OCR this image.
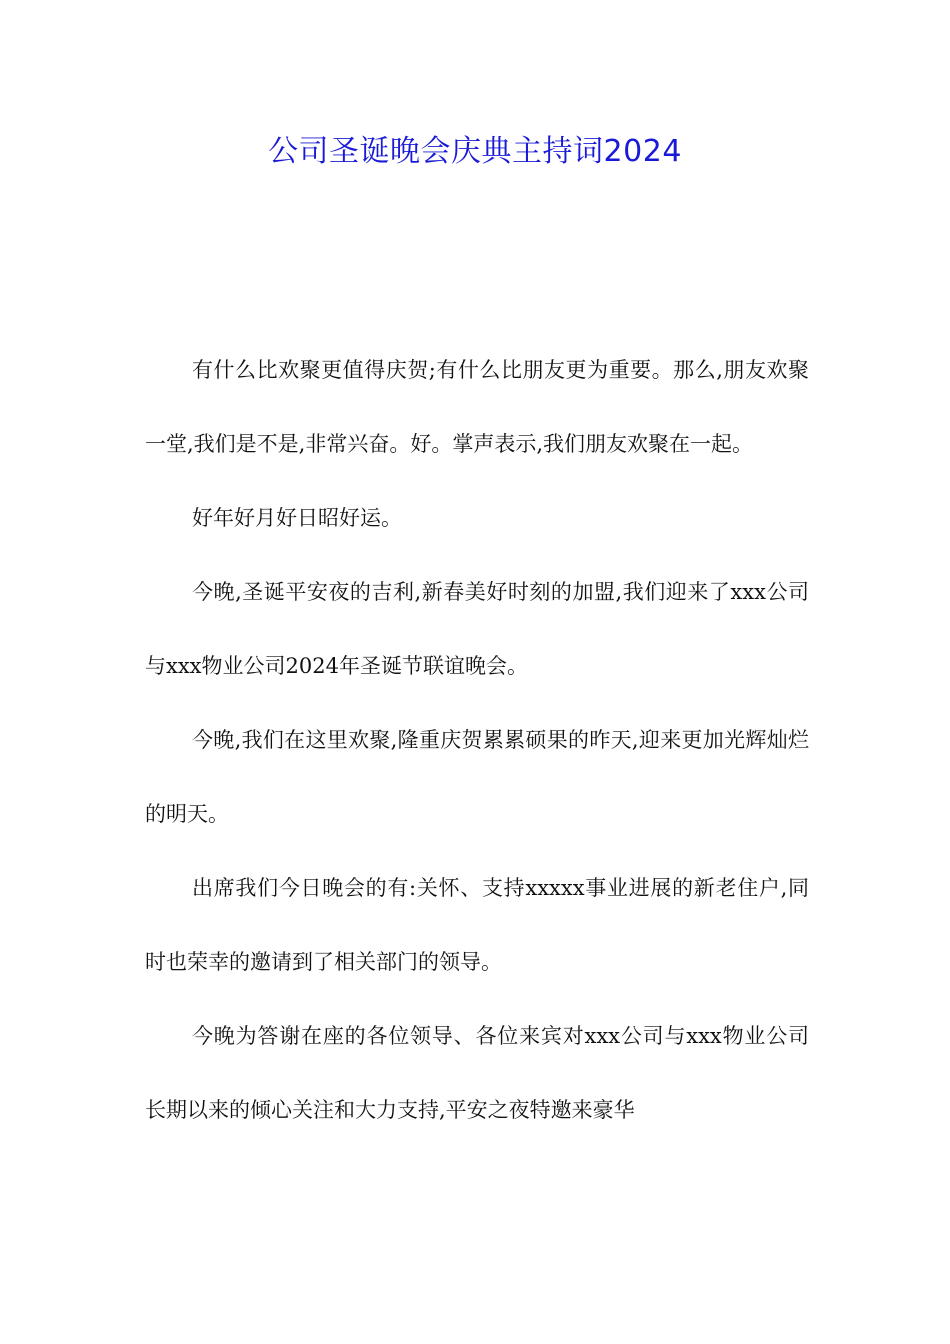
公司圣诞晚会庆典主持词2024

有什么比欢聚更值得庆贺;有什么比朋友更为重要。那么,朋友欢聚一堂,我们是不是,非常兴奋。好。掌声表示,我们朋友欢聚在一起。

好年好月好日昭好运。

今晚,圣诞平安夜的吉利,新春美好时刻的加盟,我们迎来了xxx公司与xxx物业公司2024年圣诞节联谊晚会。

今晚,我们在这里欢聚,隆重庆贺累累硕果的昨天,迎来更加光辉灿烂的明天。

出席我们今日晚会的有:关怀、支持xxxxx事业进展的新老住户,同时也荣幸的邀请到了相关部门的领导。

今晚为答谢在座的各位领导、各位来宾对xxx公司与xxx物业公司长期以来的倾心关注和大力支持,平安之夜特邀来豪华
